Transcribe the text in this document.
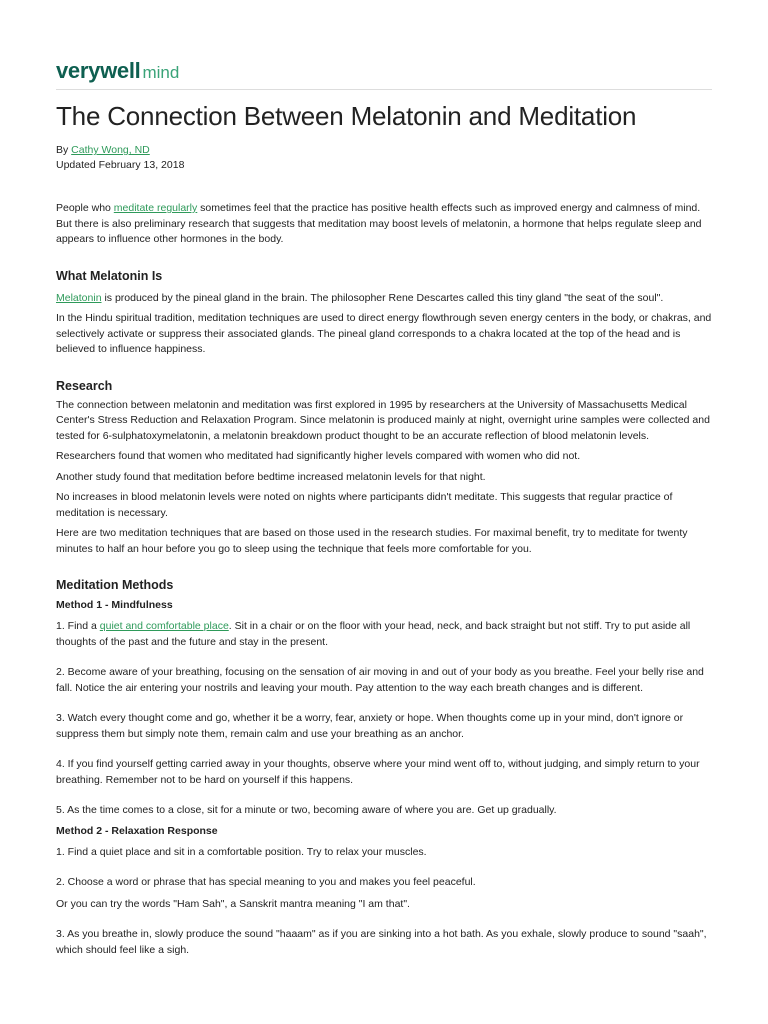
verywell mind
The Connection Between Melatonin and Meditation
By Cathy Wong, ND
Updated February 13, 2018

People who meditate regularly sometimes feel that the practice has positive health effects such as improved energy and calmness of mind. But there is also preliminary research that suggests that meditation may boost levels of melatonin, a hormone that helps regulate sleep and appears to influence other hormones in the body.

What Melatonin Is

Melatonin is produced by the pineal gland in the brain. The philosopher Rene Descartes called this tiny gland "the seat of the soul".

In the Hindu spiritual tradition, meditation techniques are used to direct energy flowthrough seven energy centers in the body, or chakras, and selectively activate or suppress their associated glands. The pineal gland corresponds to a chakra located at the top of the head and is believed to influence happiness.

Research

The connection between melatonin and meditation was first explored in 1995 by researchers at the University of Massachusetts Medical Center's Stress Reduction and Relaxation Program. Since melatonin is produced mainly at night, overnight urine samples were collected and tested for 6-sulphatoxymelatonin, a melatonin breakdown product thought to be an accurate reflection of blood melatonin levels.

Researchers found that women who meditated had significantly higher levels compared with women who did not.

Another study found that meditation before bedtime increased melatonin levels for that night.

No increases in blood melatonin levels were noted on nights where participants didn't meditate. This suggests that regular practice of meditation is necessary.

Here are two meditation techniques that are based on those used in the research studies. For maximal benefit, try to meditate for twenty minutes to half an hour before you go to sleep using the technique that feels more comfortable for you.

Meditation Methods
Method 1 - Mindfulness

1. Find a quiet and comfortable place. Sit in a chair or on the floor with your head, neck, and back straight but not stiff. Try to put aside all thoughts of the past and the future and stay in the present.

2. Become aware of your breathing, focusing on the sensation of air moving in and out of your body as you breathe. Feel your belly rise and fall. Notice the air entering your nostrils and leaving your mouth. Pay attention to the way each breath changes and is different.

3. Watch every thought come and go, whether it be a worry, fear, anxiety or hope. When thoughts come up in your mind, don't ignore or suppress them but simply note them, remain calm and use your breathing as an anchor.

4. If you find yourself getting carried away in your thoughts, observe where your mind went off to, without judging, and simply return to your breathing. Remember not to be hard on yourself if this happens.

5. As the time comes to a close, sit for a minute or two, becoming aware of where you are. Get up gradually.

Method 2 - Relaxation Response

1. Find a quiet place and sit in a comfortable position. Try to relax your muscles.

2. Choose a word or phrase that has special meaning to you and makes you feel peaceful.

Or you can try the words "Ham Sah", a Sanskrit mantra meaning "I am that".

3. As you breathe in, slowly produce the sound "haaam" as if you are sinking into a hot bath. As you exhale, slowly produce to sound "saah", which should feel like a sigh.
